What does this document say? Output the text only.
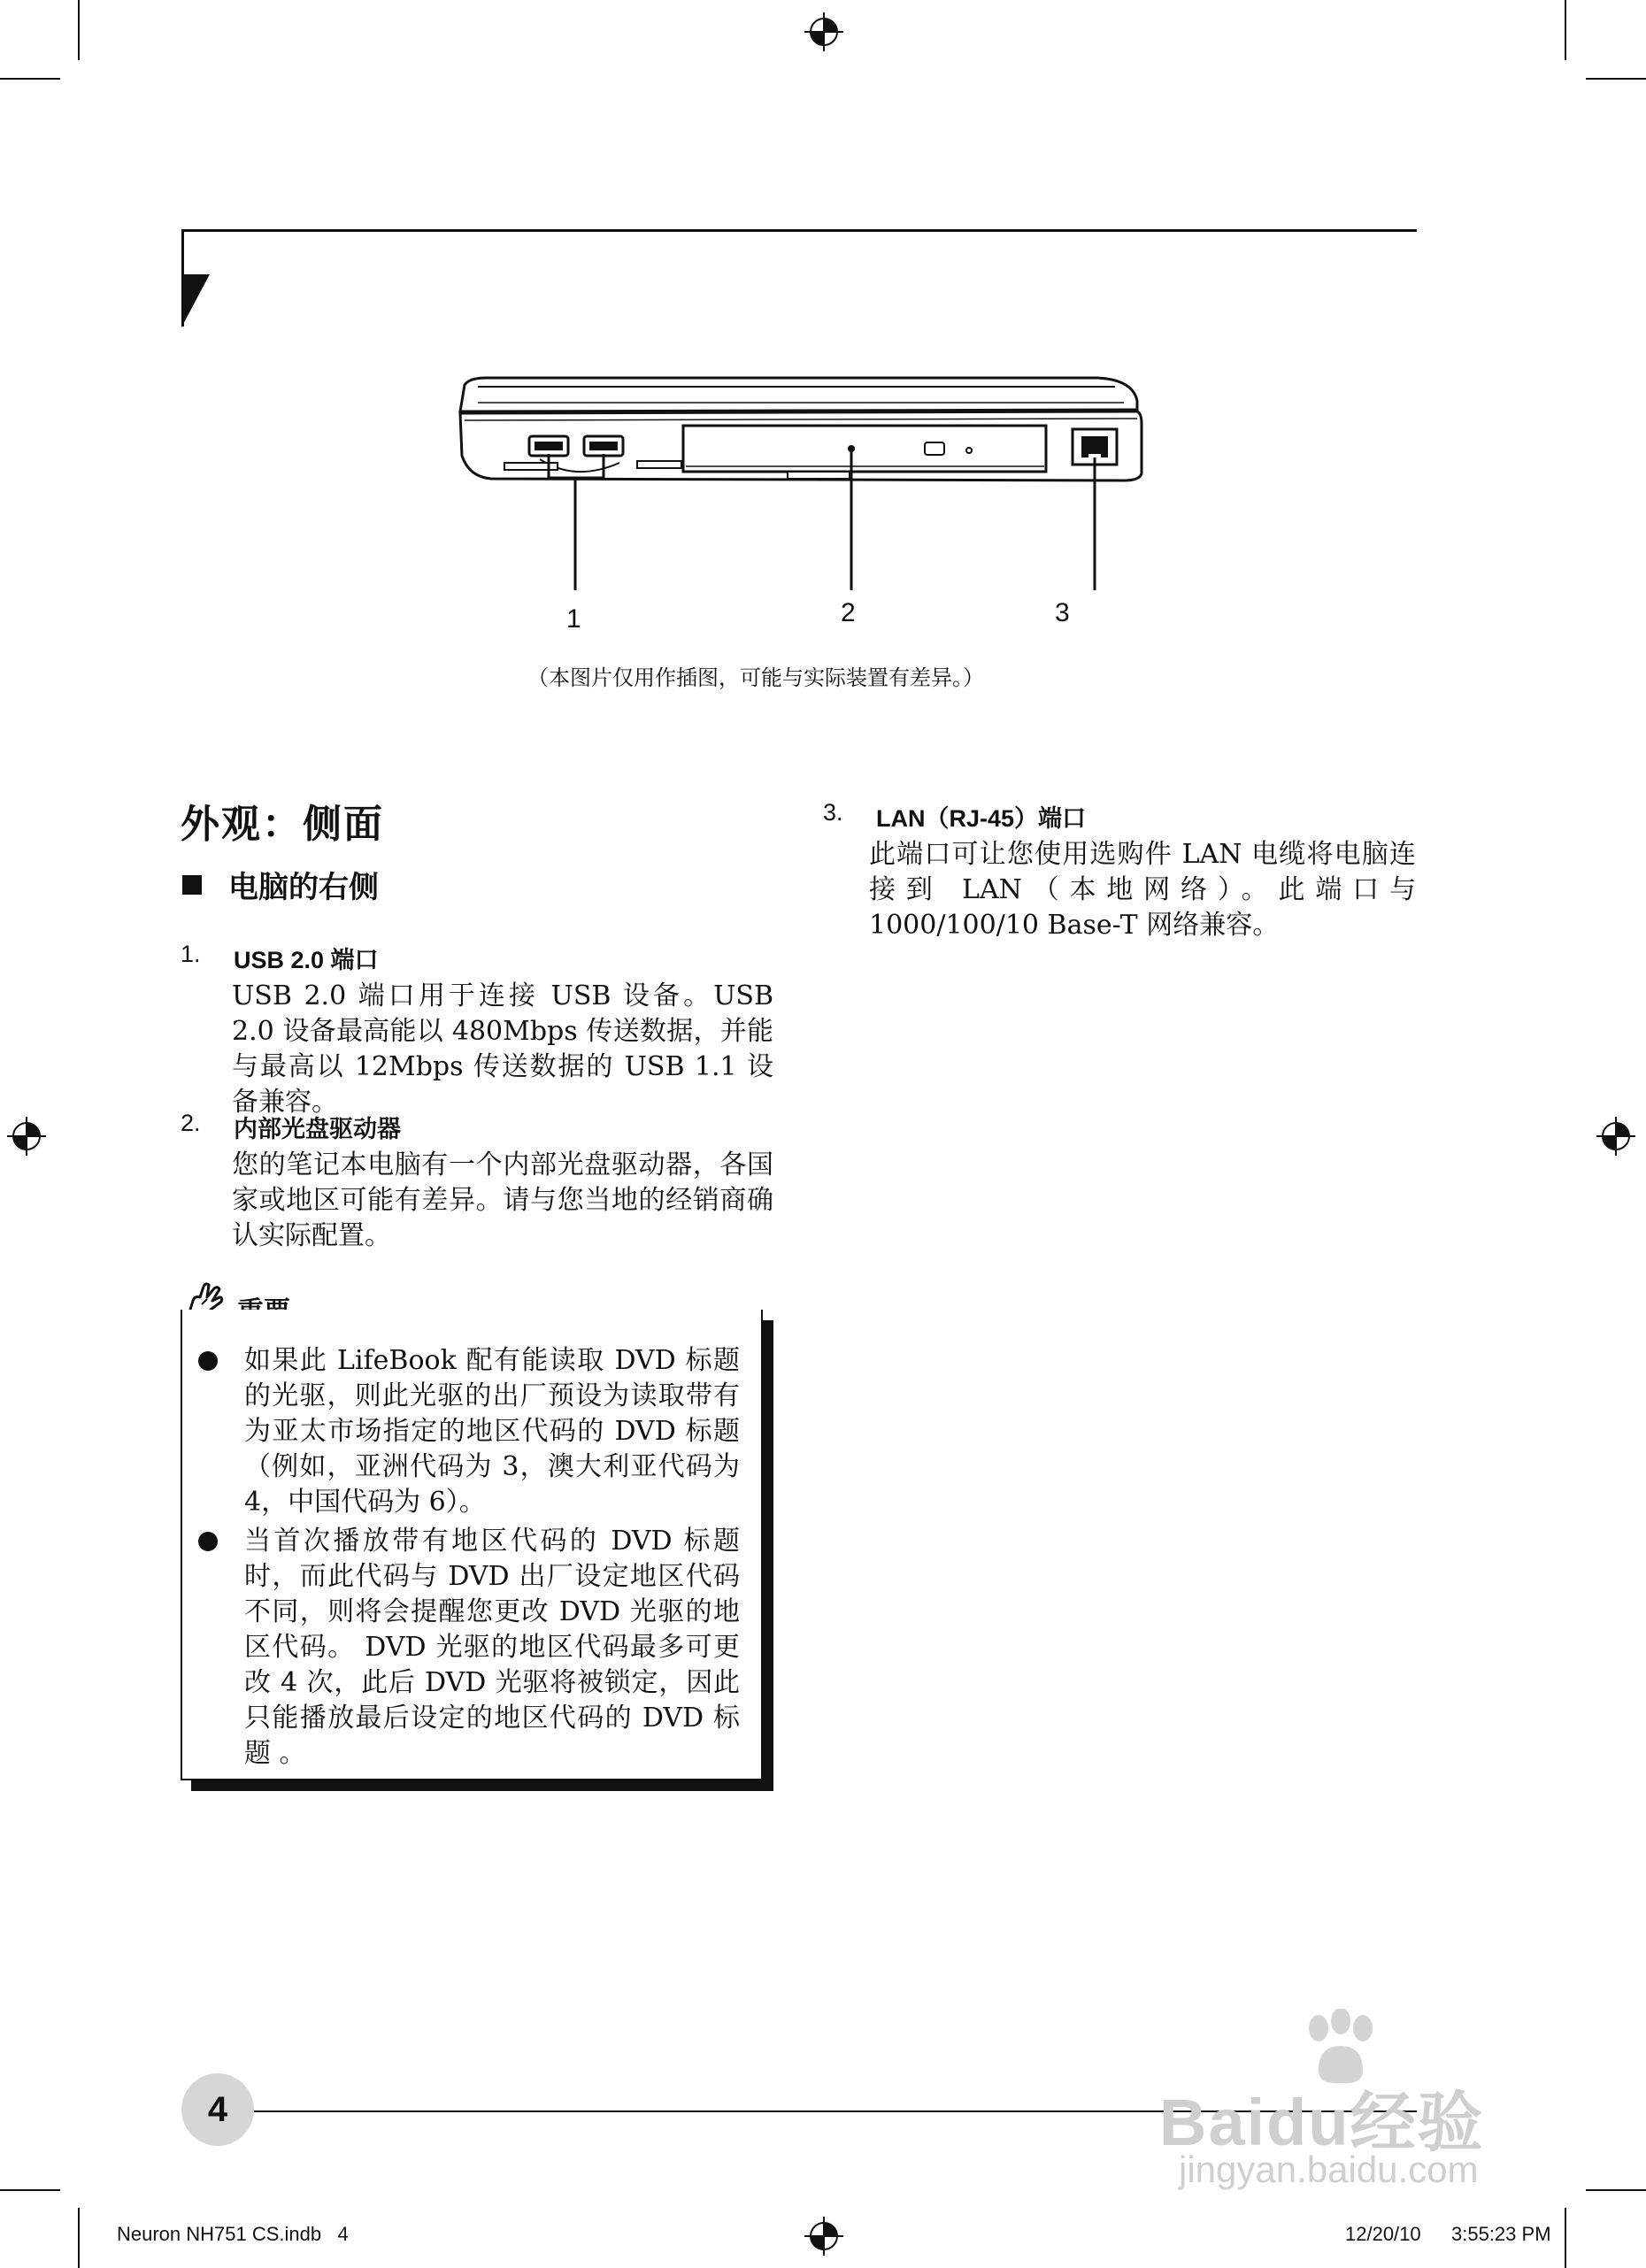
1	2	3
（本图片仅用作插图，可能与实际装置有差异。）
外观：侧面
电脑的右侧
1.	USB 2.0 端口
USB 2.0 端口用于连接 USB 设备。USB 2.0 设备最高能以 480Mbps 传送数据，并能与最高以 12Mbps 传送数据的 USB 1.1 设备兼容。
2.	内部光盘驱动器
您的笔记本电脑有一个内部光盘驱动器，各国家或地区可能有差异。请与您当地的经销商确认实际配置。
如果此 LifeBook 配有能读取 DVD 标题的光驱，则此光驱的出厂预设为读取带有为亚太市场指定的地区代码的 DVD 标题（例如，亚洲代码为 3，澳大利亚代码为 4，中国代码为 6）。
当首次播放带有地区代码的 DVD 标题时，而此代码与 DVD 出厂设定地区代码不同，则将会提醒您更改 DVD 光驱的地区代码。 DVD 光驱的地区代码最多可更改 4 次，此后 DVD 光驱将被锁定，因此只能播放最后设定的地区代码的 DVD 标题 。
3.	LAN（RJ-45）端口
此端口可让您使用选购件 LAN 电缆将电脑连接到 LAN（本地网络）。此端口与 1000/100/10 Base-T 网络兼容。
4	Baidu经验
jingyan.baidu.com
Neuron NH751 CS.indb   4	12/20/10 3:55:23 PM
